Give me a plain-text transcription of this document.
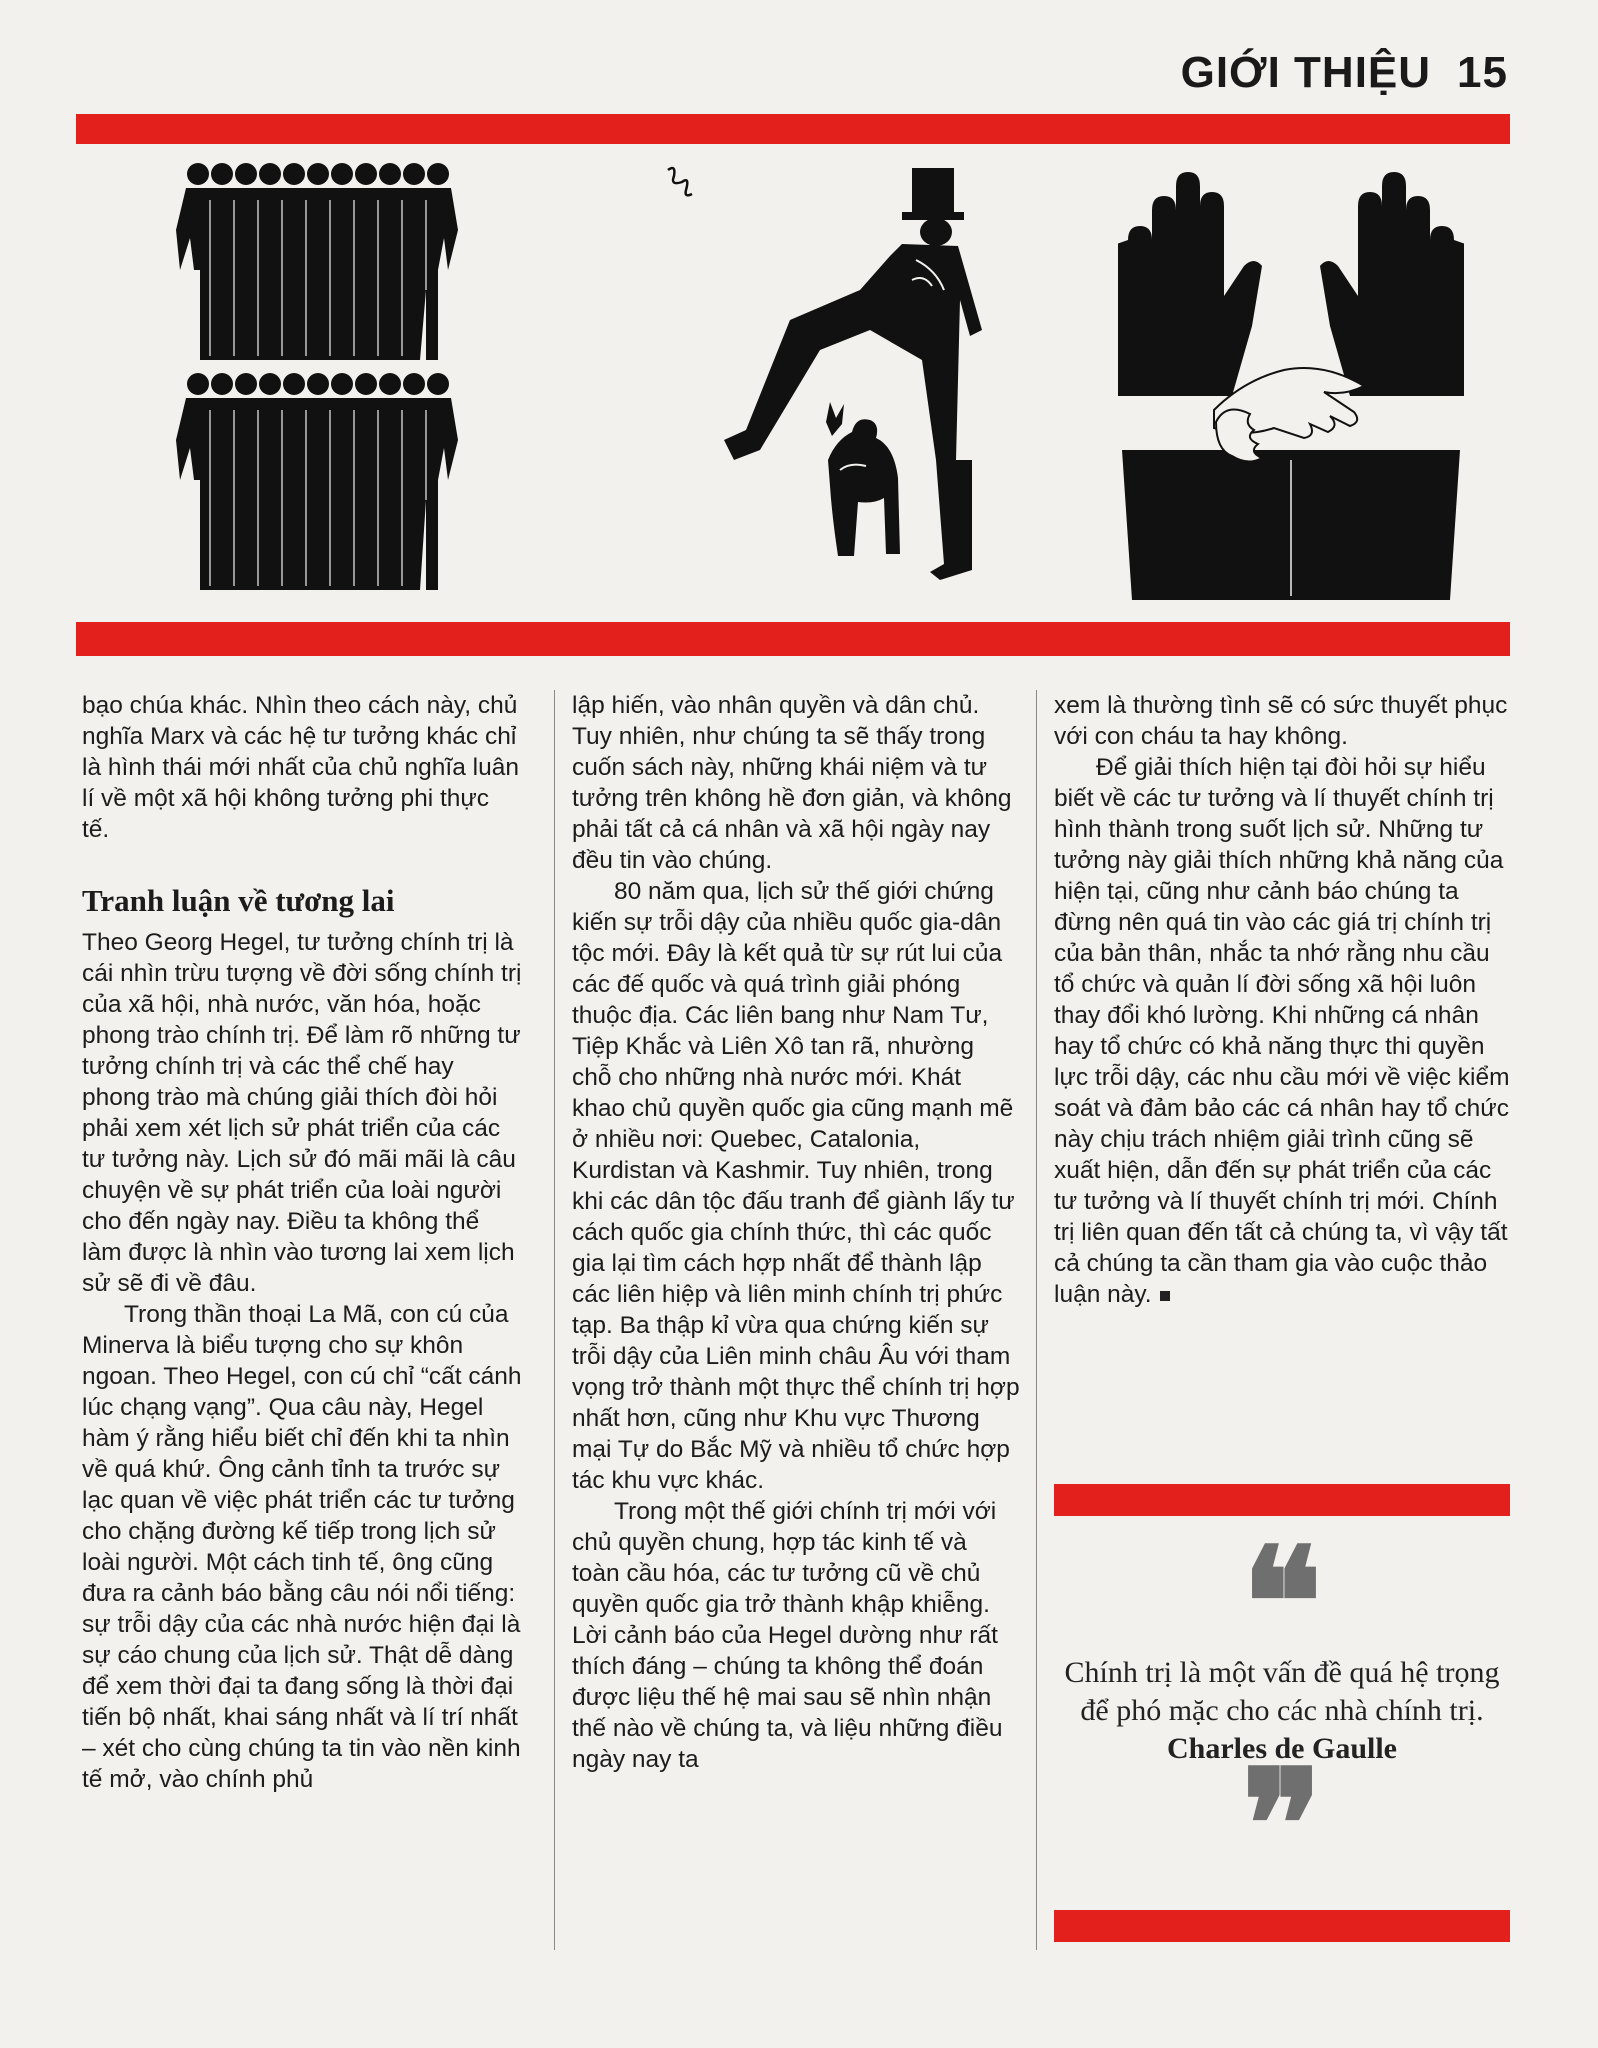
GIỚI THIỆU 15

bạo chúa khác. Nhìn theo cách này, chủ nghĩa Marx và các hệ tư tưởng khác chỉ là hình thái mới nhất của chủ nghĩa luân lí về một xã hội không tưởng phi thực tế.

Tranh luận về tương lai

Theo Georg Hegel, tư tưởng chính trị là cái nhìn trừu tượng về đời sống chính trị của xã hội, nhà nước, văn hóa, hoặc phong trào chính trị. Để làm rõ những tư tưởng chính trị và các thể chế hay phong trào mà chúng giải thích đòi hỏi phải xem xét lịch sử phát triển của các tư tưởng này. Lịch sử đó mãi mãi là câu chuyện về sự phát triển của loài người cho đến ngày nay. Điều ta không thể làm được là nhìn vào tương lai xem lịch sử sẽ đi về đâu.

Trong thần thoại La Mã, con cú của Minerva là biểu tượng cho sự khôn ngoan. Theo Hegel, con cú chỉ “cất cánh lúc chạng vạng”. Qua câu này, Hegel hàm ý rằng hiểu biết chỉ đến khi ta nhìn về quá khứ. Ông cảnh tỉnh ta trước sự lạc quan về việc phát triển các tư tưởng cho chặng đường kế tiếp trong lịch sử loài người. Một cách tinh tế, ông cũng đưa ra cảnh báo bằng câu nói nổi tiếng: sự trỗi dậy của các nhà nước hiện đại là sự cáo chung của lịch sử. Thật dễ dàng để xem thời đại ta đang sống là thời đại tiến bộ nhất, khai sáng nhất và lí trí nhất – xét cho cùng chúng ta tin vào nền kinh tế mở, vào chính phủ

lập hiến, vào nhân quyền và dân chủ. Tuy nhiên, như chúng ta sẽ thấy trong cuốn sách này, những khái niệm và tư tưởng trên không hề đơn giản, và không phải tất cả cá nhân và xã hội ngày nay đều tin vào chúng.

80 năm qua, lịch sử thế giới chứng kiến sự trỗi dậy của nhiều quốc gia-dân tộc mới. Đây là kết quả từ sự rút lui của các đế quốc và quá trình giải phóng thuộc địa. Các liên bang như Nam Tư, Tiệp Khắc và Liên Xô tan rã, nhường chỗ cho những nhà nước mới. Khát khao chủ quyền quốc gia cũng mạnh mẽ ở nhiều nơi: Quebec, Catalonia, Kurdistan và Kashmir. Tuy nhiên, trong khi các dân tộc đấu tranh để giành lấy tư cách quốc gia chính thức, thì các quốc gia lại tìm cách hợp nhất để thành lập các liên hiệp và liên minh chính trị phức tạp. Ba thập kỉ vừa qua chứng kiến sự trỗi dậy của Liên minh châu Âu với tham vọng trở thành một thực thể chính trị hợp nhất hơn, cũng như Khu vực Thương mại Tự do Bắc Mỹ và nhiều tổ chức hợp tác khu vực khác.

Trong một thế giới chính trị mới với chủ quyền chung, hợp tác kinh tế và toàn cầu hóa, các tư tưởng cũ về chủ quyền quốc gia trở thành khập khiễng. Lời cảnh báo của Hegel dường như rất thích đáng – chúng ta không thể đoán được liệu thế hệ mai sau sẽ nhìn nhận thế nào về chúng ta, và liệu những điều ngày nay ta

xem là thường tình sẽ có sức thuyết phục với con cháu ta hay không.

Để giải thích hiện tại đòi hỏi sự hiểu biết về các tư tưởng và lí thuyết chính trị hình thành trong suốt lịch sử. Những tư tưởng này giải thích những khả năng của hiện tại, cũng như cảnh báo chúng ta đừng nên quá tin vào các giá trị chính trị của bản thân, nhắc ta nhớ rằng nhu cầu tổ chức và quản lí đời sống xã hội luôn thay đổi khó lường. Khi những cá nhân hay tổ chức có khả năng thực thi quyền lực trỗi dậy, các nhu cầu mới về việc kiểm soát và đảm bảo các cá nhân hay tổ chức này chịu trách nhiệm giải trình cũng sẽ xuất hiện, dẫn đến sự phát triển của các tư tưởng và lí thuyết chính trị mới. Chính trị liên quan đến tất cả chúng ta, vì vậy tất cả chúng ta cần tham gia vào cuộc thảo luận này.

❝
Chính trị là một vấn đề quá hệ trọng để phó mặc cho các nhà chính trị.
Charles de Gaulle
❞
